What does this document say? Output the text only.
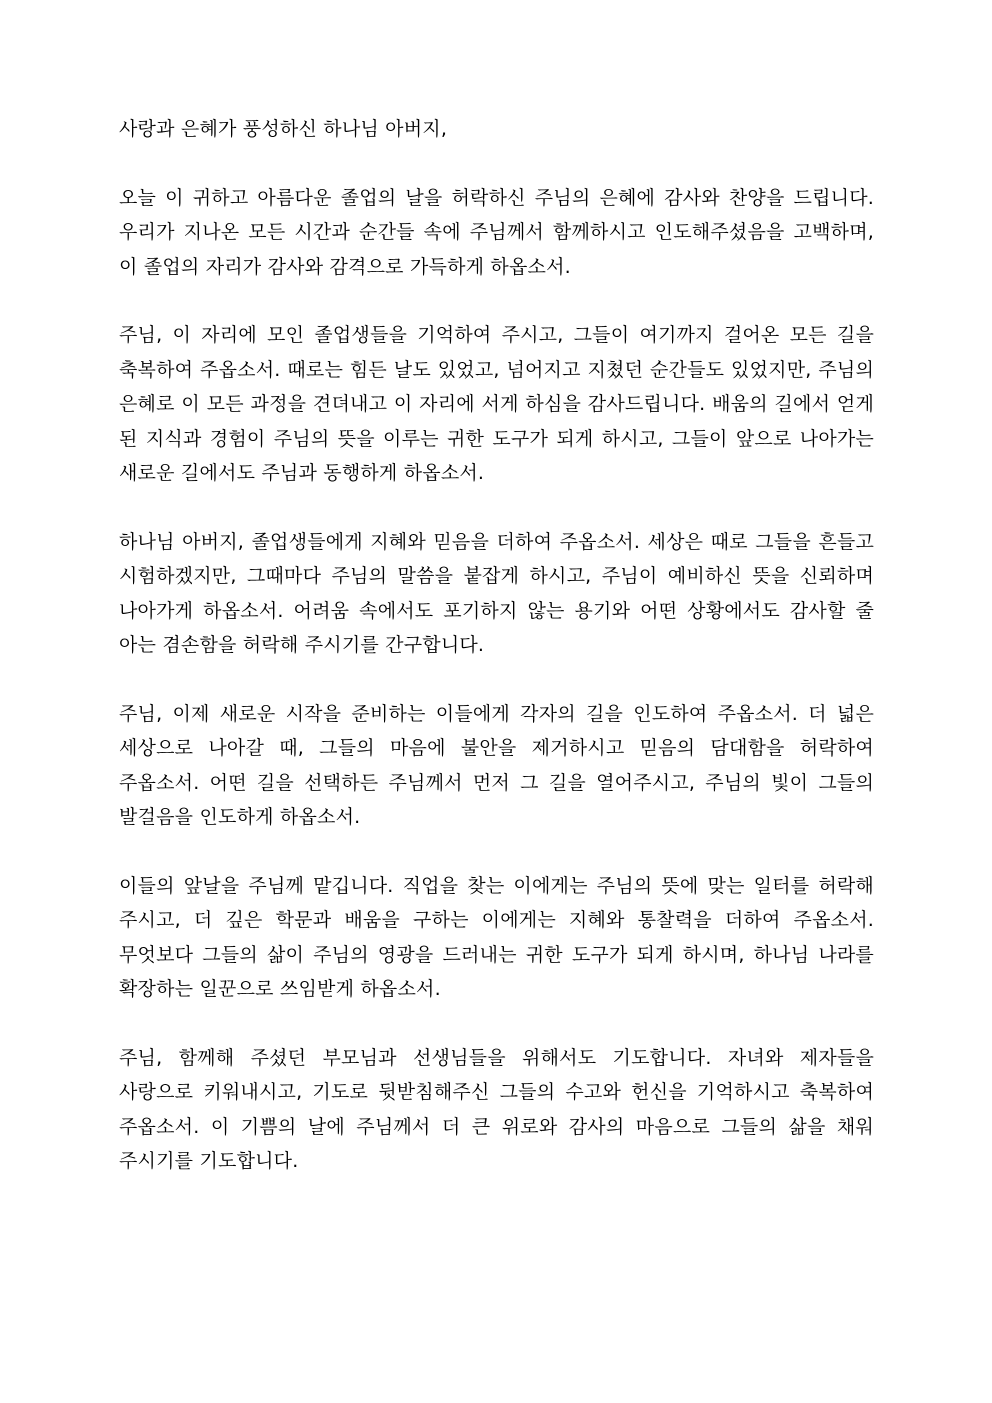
사랑과 은혜가 풍성하신 하나님 아버지,

오늘 이 귀하고 아름다운 졸업의 날을 허락하신 주님의 은혜에 감사와 찬양을 드립니다. 우리가 지나온 모든 시간과 순간들 속에 주님께서 함께하시고 인도해주셨음을 고백하며, 이 졸업의 자리가 감사와 감격으로 가득하게 하옵소서.

주님, 이 자리에 모인 졸업생들을 기억하여 주시고, 그들이 여기까지 걸어온 모든 길을 축복하여 주옵소서. 때로는 힘든 날도 있었고, 넘어지고 지쳤던 순간들도 있었지만, 주님의 은혜로 이 모든 과정을 견뎌내고 이 자리에 서게 하심을 감사드립니다. 배움의 길에서 얻게 된 지식과 경험이 주님의 뜻을 이루는 귀한 도구가 되게 하시고, 그들이 앞으로 나아가는 새로운 길에서도 주님과 동행하게 하옵소서.

하나님 아버지, 졸업생들에게 지혜와 믿음을 더하여 주옵소서. 세상은 때로 그들을 흔들고 시험하겠지만, 그때마다 주님의 말씀을 붙잡게 하시고, 주님이 예비하신 뜻을 신뢰하며 나아가게 하옵소서. 어려움 속에서도 포기하지 않는 용기와 어떤 상황에서도 감사할 줄 아는 겸손함을 허락해 주시기를 간구합니다.

주님, 이제 새로운 시작을 준비하는 이들에게 각자의 길을 인도하여 주옵소서. 더 넓은 세상으로 나아갈 때, 그들의 마음에 불안을 제거하시고 믿음의 담대함을 허락하여 주옵소서. 어떤 길을 선택하든 주님께서 먼저 그 길을 열어주시고, 주님의 빛이 그들의 발걸음을 인도하게 하옵소서.

이들의 앞날을 주님께 맡깁니다. 직업을 찾는 이에게는 주님의 뜻에 맞는 일터를 허락해 주시고, 더 깊은 학문과 배움을 구하는 이에게는 지혜와 통찰력을 더하여 주옵소서. 무엇보다 그들의 삶이 주님의 영광을 드러내는 귀한 도구가 되게 하시며, 하나님 나라를 확장하는 일꾼으로 쓰임받게 하옵소서.

주님, 함께해 주셨던 부모님과 선생님들을 위해서도 기도합니다. 자녀와 제자들을 사랑으로 키워내시고, 기도로 뒷받침해주신 그들의 수고와 헌신을 기억하시고 축복하여 주옵소서. 이 기쁨의 날에 주님께서 더 큰 위로와 감사의 마음으로 그들의 삶을 채워 주시기를 기도합니다.
